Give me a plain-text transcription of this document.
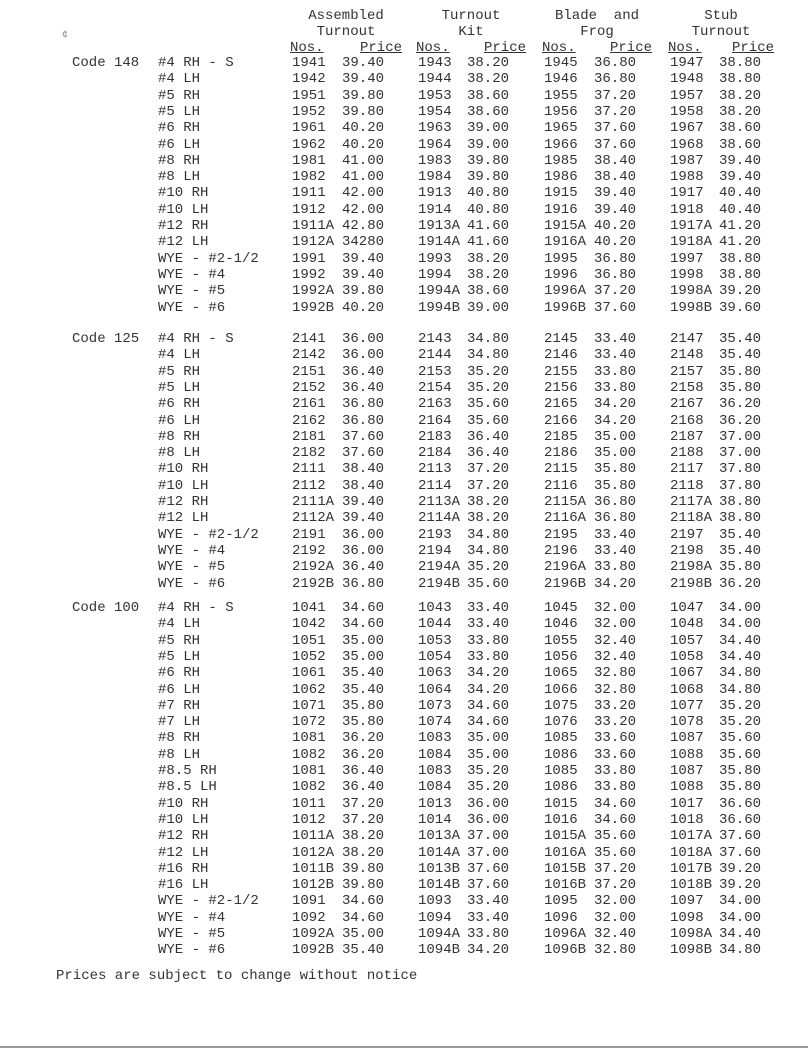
¢
Assembled
Turnout
Nos.	Price
Turnout
Kit
Nos. Price
Blade  and
Frog
Nos. Price
Stub
Turnout
Nos. Price
Code 148 #4 RH - S	1941 39.40 1943 38.20 1945 36.80 1947 38.80
#4 LH	1942 39.40 1944 38.20 1946 36.80 1948 38.80
#5 RH	1951 39.80 1953 38.60 1955 37.20 1957 38.20
#5 LH	1952 39.80 1954 38.60 1956 37.20 1958 38.20
#6 RH	1961 40.20 1963 39.00 1965 37.60 1967 38.60
#6 LH	1962 40.20 1964 39.00 1966 37.60 1968 38.60
#8 RH	1981 41.00 1983 39.80 1985 38.40 1987 39.40
#8 LH	1982 41.00 1984 39.80 1986 38.40 1988 39.40
#10 RH	1911 42.00 1913 40.80 1915 39.40 1917 40.40
#10 LH	1912 42.00 1914 40.80 1916 39.40 1918 40.40
#12 RH	1911A 42.80 1913A 41.60 1915A 40.20 1917A 41.20
#12 LH	1912A 34280 1914A 41.60 1916A 40.20 1918A 41.20
WYE - #2-1/2 1991 39.40 1993 38.20 1995 36.80 1997 38.80
WYE - #4	1992 39.40 1994 38.20 1996 36.80 1998 38.80
WYE - #5	1992A 39.80 1994A 38.60 1996A 37.20 1998A 39.20
WYE - #6	1992B 40.20 1994B 39.00 1996B 37.60 1998B 39.60
Code 125 #4 RH - S	2141 36.00 2143 34.80 2145 33.40 2147 35.40
#4 LH	2142 36.00 2144 34.80 2146 33.40 2148 35.40
#5 RH	2151 36.40 2153 35.20 2155 33.80 2157 35.80
#5 LH	2152 36.40 2154 35.20 2156 33.80 2158 35.80
#6 RH	2161 36.80 2163 35.60 2165 34.20 2167 36.20
#6 LH	2162 36.80 2164 35.60 2166 34.20 2168 36.20
#8 RH	2181 37.60 2183 36.40 2185 35.00 2187 37.00
#8 LH	2182 37.60 2184 36.40 2186 35.00 2188 37.00
#10 RH	2111 38.40 2113 37.20 2115 35.80 2117 37.80
#10 LH	2112 38.40 2114 37.20 2116 35.80 2118 37.80
#12 RH	2111A 39.40 2113A 38.20 2115A 36.80 2117A 38.80
#12 LH	2112A 39.40 2114A 38.20 2116A 36.80 2118A 38.80
WYE - #2-1/2 2191 36.00 2193 34.80 2195 33.40 2197 35.40
WYE - #4	2192 36.00 2194 34.80 2196 33.40 2198 35.40
WYE - #5	2192A 36.40 2194A 35.20 2196A 33.80 2198A 35.80
WYE - #6	2192B 36.80 2194B 35.60 2196B 34.20 2198B 36.20
Code 100 #4 RH - S	1041 34.60 1043 33.40 1045 32.00 1047 34.00
#4 LH	1042 34.60 1044 33.40 1046 32.00 1048 34.00
#5 RH	1051 35.00 1053 33.80 1055 32.40 1057 34.40
#5 LH	1052 35.00 1054 33.80 1056 32.40 1058 34.40
#6 RH	1061 35.40 1063 34.20 1065 32.80 1067 34.80
#6 LH	1062 35.40 1064 34.20 1066 32.80 1068 34.80
#7 RH	1071 35.80 1073 34.60 1075 33.20 1077 35.20
#7 LH	1072 35.80 1074 34.60 1076 33.20 1078 35.20
#8 RH	1081 36.20 1083 35.00 1085 33.60 1087 35.60
#8 LH	1082 36.20 1084 35.00 1086 33.60 1088 35.60
#8.5 RH	1081 36.40 1083 35.20 1085 33.80 1087 35.80
#8.5 LH	1082 36.40 1084 35.20 1086 33.80 1088 35.80
#10 RH	1011 37.20 1013 36.00 1015 34.60 1017 36.60
#10 LH	1012 37.20 1014 36.00 1016 34.60 1018 36.60
#12 RH	1011A 38.20 1013A 37.00 1015A 35.60 1017A 37.60
#12 LH	1012A 38.20 1014A 37.00 1016A 35.60 1018A 37.60
#16 RH	1011B 39.80 1013B 37.60 1015B 37.20 1017B 39.20
#16 LH	1012B 39.80 1014B 37.60 1016B 37.20 1018B 39.20
WYE - #2-1/2 1091 34.60 1093 33.40 1095 32.00 1097 34.00
WYE - #4	1092 34.60 1094 33.40 1096 32.00 1098 34.00
WYE - #5	1092A 35.00 1094A 33.80 1096A 32.40 1098A 34.40
WYE - #6	1092B 35.40 1094B 34.20 1096B 32.80 1098B 34.80
Prices are subject to change without notice
